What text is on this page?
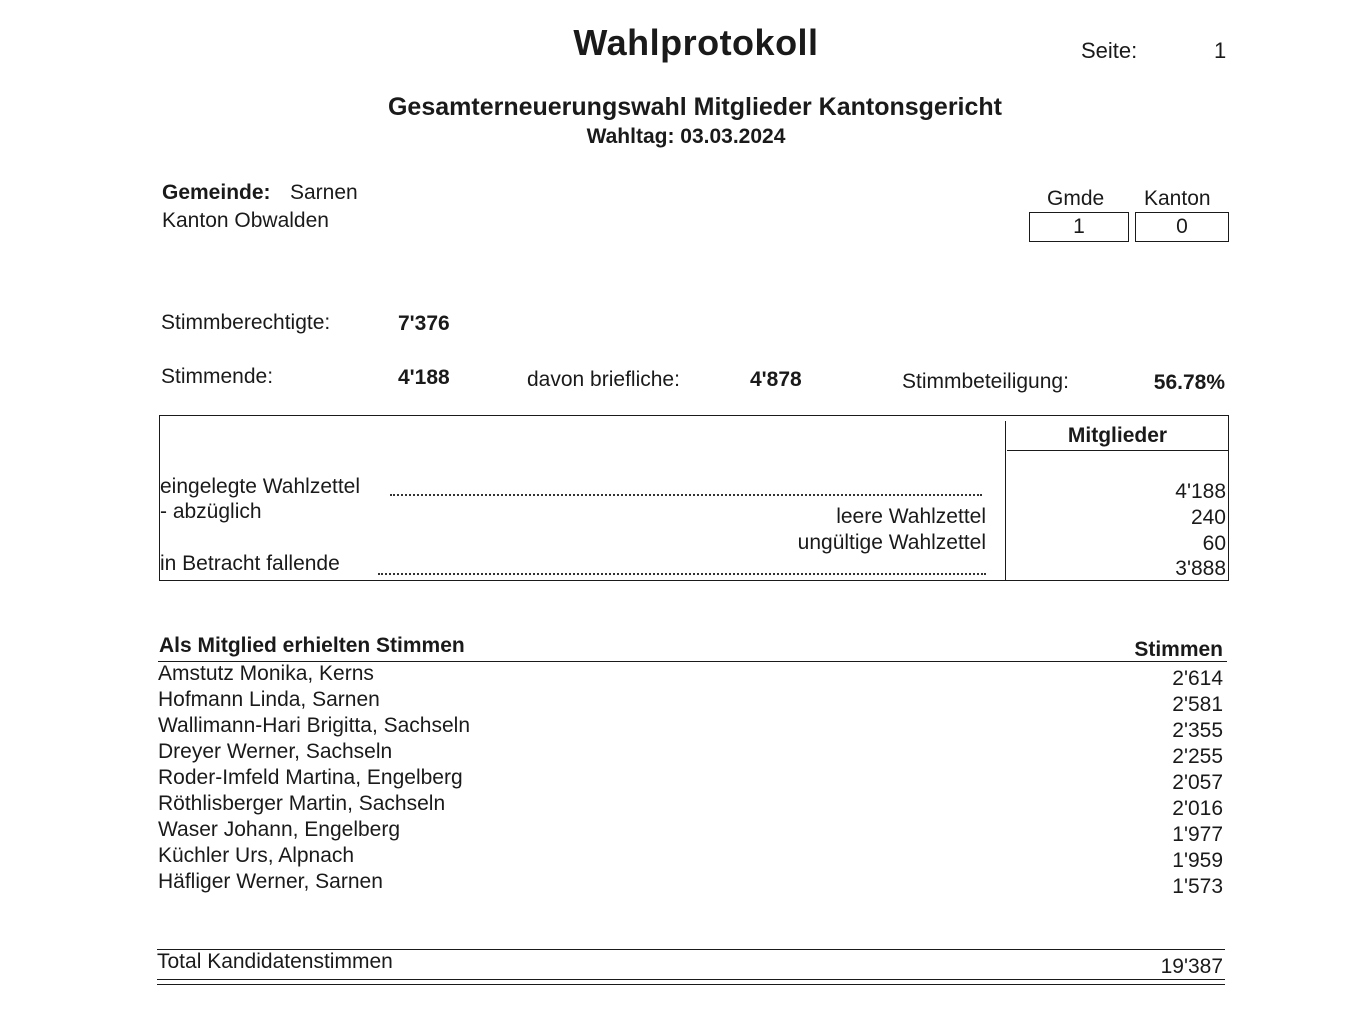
Wahlprotokoll	Seite:	1
Gesamterneuerungswahl Mitglieder Kantonsgericht
Wahltag: 03.03.2024
Gemeinde: Sarnen
Kanton Obwalden
Gmde Kanton
1	0
Stimmberechtigte:	7'376
Stimmende:	4'188	davon briefliche:	4'878	Stimmbeteiligung:	56.78%
Mitglieder
eingelegte Wahlzettel	4'188
- abzüglich	leere Wahlzettel	240
ungültige Wahlzettel	60
in Betracht fallende	3'888
Als Mitglied erhielten Stimmen	Stimmen
Amstutz Monika, Kerns	2'614
Hofmann Linda, Sarnen	2'581
Wallimann-Hari Brigitta, Sachseln	2'355
Dreyer Werner, Sachseln	2'255
Roder-Imfeld Martina, Engelberg	2'057
Röthlisberger Martin, Sachseln	2'016
Waser Johann, Engelberg	1'977
Küchler Urs, Alpnach	1'959
Häfliger Werner, Sarnen	1'573
Total Kandidatenstimmen	19'387
